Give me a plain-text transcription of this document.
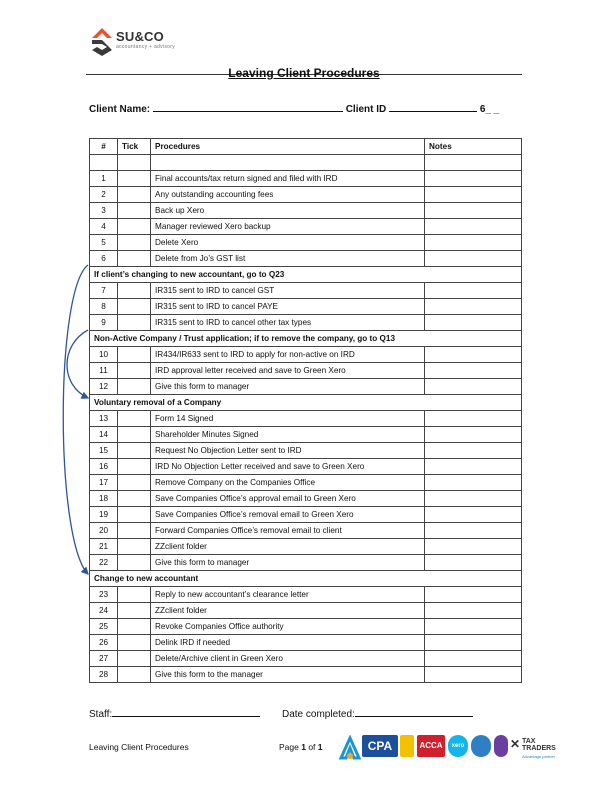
SU&CO
accountancy + advisory
Leaving Client Procedures
Client Name:	Client ID	6_ _
#	Tick	Procedures	Notes

1		Final accounts/tax return signed and filed with IRD	
2		Any outstanding accounting fees	
3		Back up Xero	
4		Manager reviewed Xero backup	
5		Delete Xero	
6		Delete from Jo’s GST list	
If client’s changing to new accountant, go to Q23			
7		IR315 sent to IRD to cancel GST	
8		IR315 sent to IRD to cancel PAYE	
9		IR315 sent to IRD to cancel other tax types	
Non-Active Company / Trust application; if to remove the company, go to Q13			
10		IR434/IR633 sent to IRD to apply for non-active on IRD	
11		IRD approval letter received and save to Green Xero	
12		Give this form to manager	
Voluntary removal of a Company			
13		Form 14 Signed	
14		Shareholder Minutes Signed	
15		Request No Objection Letter sent to IRD	
16		IRD No Objection Letter received and save to Green Xero	
17		Remove Company on the Companies Office	
18		Save Companies Office’s approval email to Green Xero	
19		Save Companies Office’s removal email to Green Xero	
20		Forward Companies Office’s removal email to client	
21		ZZclient folder	
22		Give this form to manager	
Change to new accountant			
23		Reply to new accountant’s clearance letter	
24		ZZclient folder	
25		Revoke Companies Office authority	
26		Delink IRD if needed	
27		Delete/Archive client in Green Xero	
28		Give this form to the manager	
Staff:	Date completed:
Leaving Client Procedures	Page 1 of 1	CPA	ACCA	xero	✕ TAX TRADERS
Advantage partner
